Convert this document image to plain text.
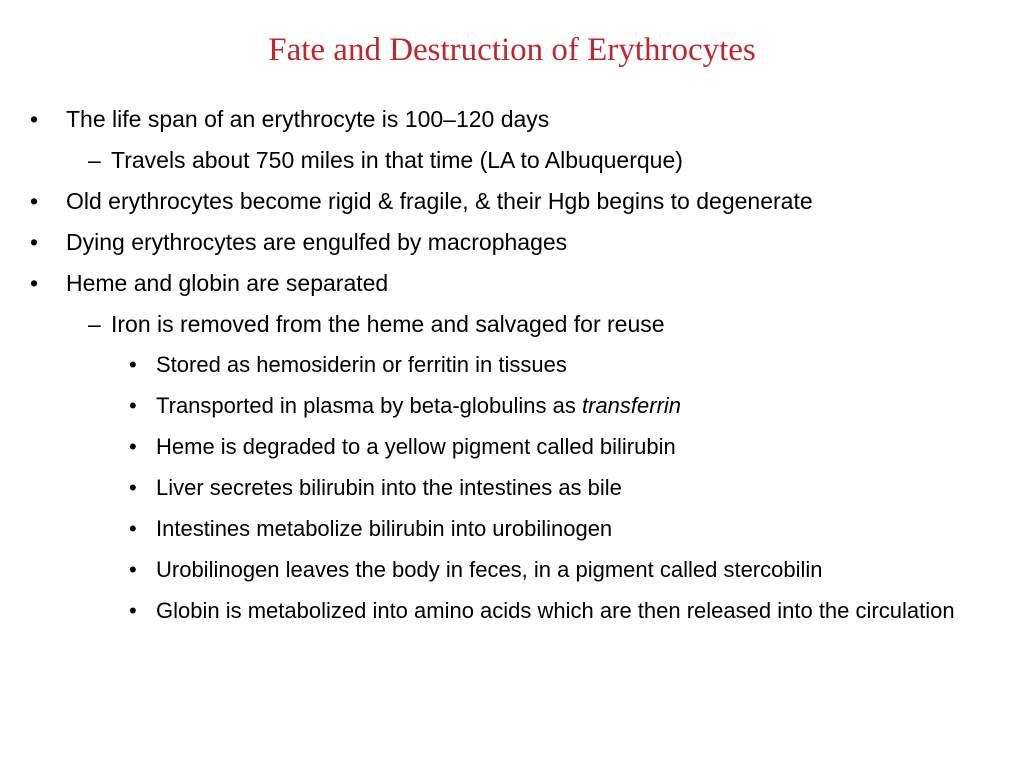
Fate and Destruction of Erythrocytes
• The life span of an erythrocyte is 100–120 days
– Travels about 750 miles in that time (LA to Albuquerque)
• Old erythrocytes become rigid & fragile, & their Hgb begins to degenerate
• Dying erythrocytes are engulfed by macrophages
• Heme and globin are separated
– Iron is removed from the heme and salvaged for reuse
• Stored as hemosiderin or ferritin in tissues
• Transported in plasma by beta-globulins as transferrin
• Heme is degraded to a yellow pigment called bilirubin
• Liver secretes bilirubin into the intestines as bile
• Intestines metabolize bilirubin into urobilinogen
• Urobilinogen leaves the body in feces, in a pigment called stercobilin
• Globin is metabolized into amino acids which are then released into the circulation
